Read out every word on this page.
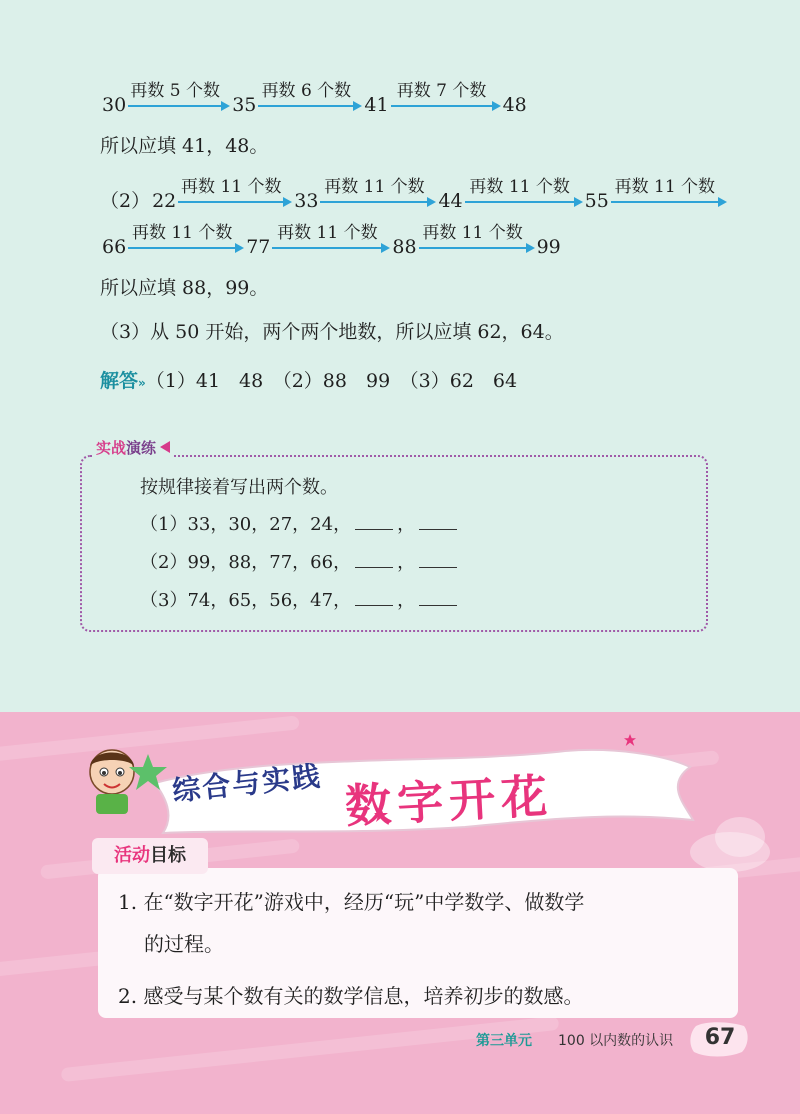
30
再数 5 个数
35
再数 6 个数
41
再数 7 个数
48
所以应填 41，48。
（2） 22
再数 11 个数
33
再数 11 个数
44
再数 11 个数
55
再数 11 个数
66
再数 11 个数
77
再数 11 个数
88
再数 11 个数
99
所以应填 88，99。
（3）从 50 开始，两个两个地数，所以应填 62，64。
解答»（1）41　48　（2）88　99　（3）62　64
实战演练
按规律接着写出两个数。
（1）33，30，27，24，	，
（2）99，88，77，66，	，
（3）74，65，56，47，	，
综合与实践 数字开花
活动目标
1. 在“数字开花”游戏中，经历“玩”中学数学、做数学
的过程。
2. 感受与某个数有关的数学信息，培养初步的数感。
第三单元 100 以内数的认识 67
